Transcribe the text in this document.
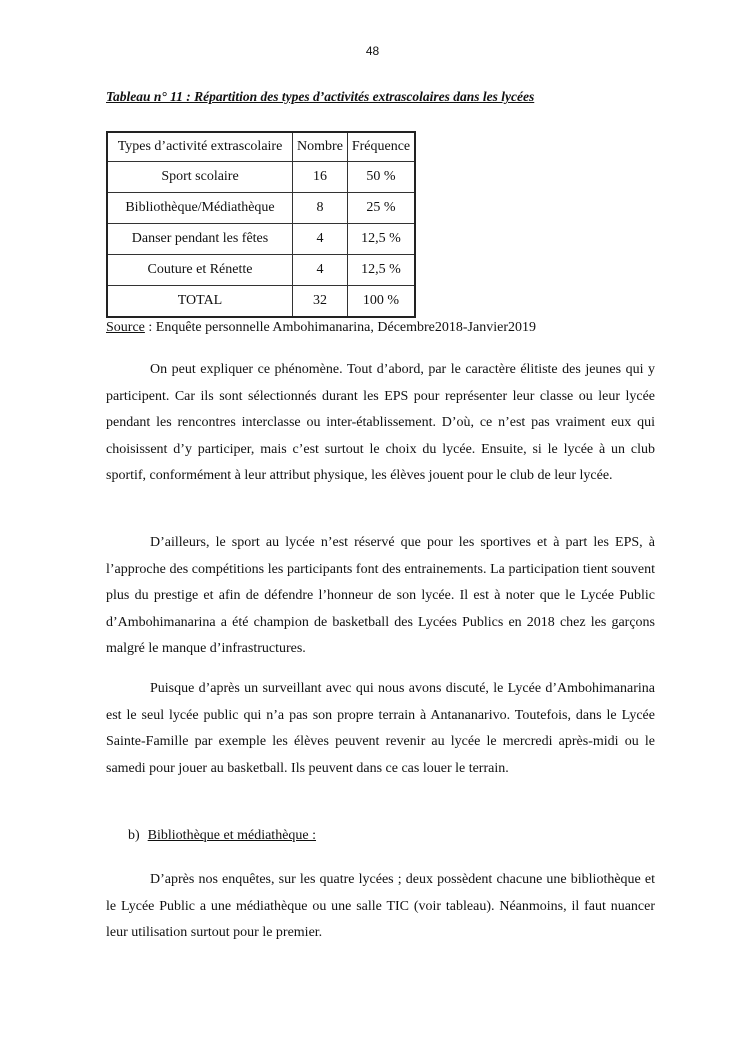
48
Tableau n° 11 : Répartition des types d’activités extrascolaires dans les lycées
Types d’activité extrascolaire	Nombre	Fréquence
Sport scolaire	16	50 %
Bibliothèque/Médiathèque	8	25 %
Danser pendant les fêtes	4	12,5 %
Couture et Rénette	4	12,5 %
TOTAL	32	100 %
Source : Enquête personnelle Ambohimanarina, Décembre2018-Janvier2019

On peut expliquer ce phénomène. Tout d’abord, par le caractère élitiste des jeunes qui y participent. Car ils sont sélectionnés durant les EPS pour représenter leur classe ou leur lycée pendant les rencontres interclasse ou inter-établissement. D’où, ce n’est pas vraiment eux qui choisissent d’y participer, mais c’est surtout le choix du lycée. Ensuite, si le lycée à un club sportif, conformément à leur attribut physique, les élèves jouent pour le club de leur lycée.

D’ailleurs, le sport au lycée n’est réservé que pour les sportives et à part les EPS, à l’approche des compétitions les participants font des entrainements. La participation tient souvent plus du prestige et afin de défendre l’honneur de son lycée. Il est à noter que le Lycée Public d’Ambohimanarina a été champion de basketball des Lycées Publics en 2018 chez les garçons malgré le manque d’infrastructures.

Puisque d’après un surveillant avec qui nous avons discuté, le Lycée d’Ambohimanarina est le seul lycée public qui n’a pas son propre terrain à Antananarivo. Toutefois, dans le Lycée Sainte-Famille par exemple les élèves peuvent revenir au lycée le mercredi après-midi ou le samedi pour jouer au basketball. Ils peuvent dans ce cas louer le terrain.

b) Bibliothèque et médiathèque :

D’après nos enquêtes, sur les quatre lycées ; deux possèdent chacune une bibliothèque et le Lycée Public a une médiathèque ou une salle TIC (voir tableau). Néanmoins, il faut nuancer leur utilisation surtout pour le premier.
